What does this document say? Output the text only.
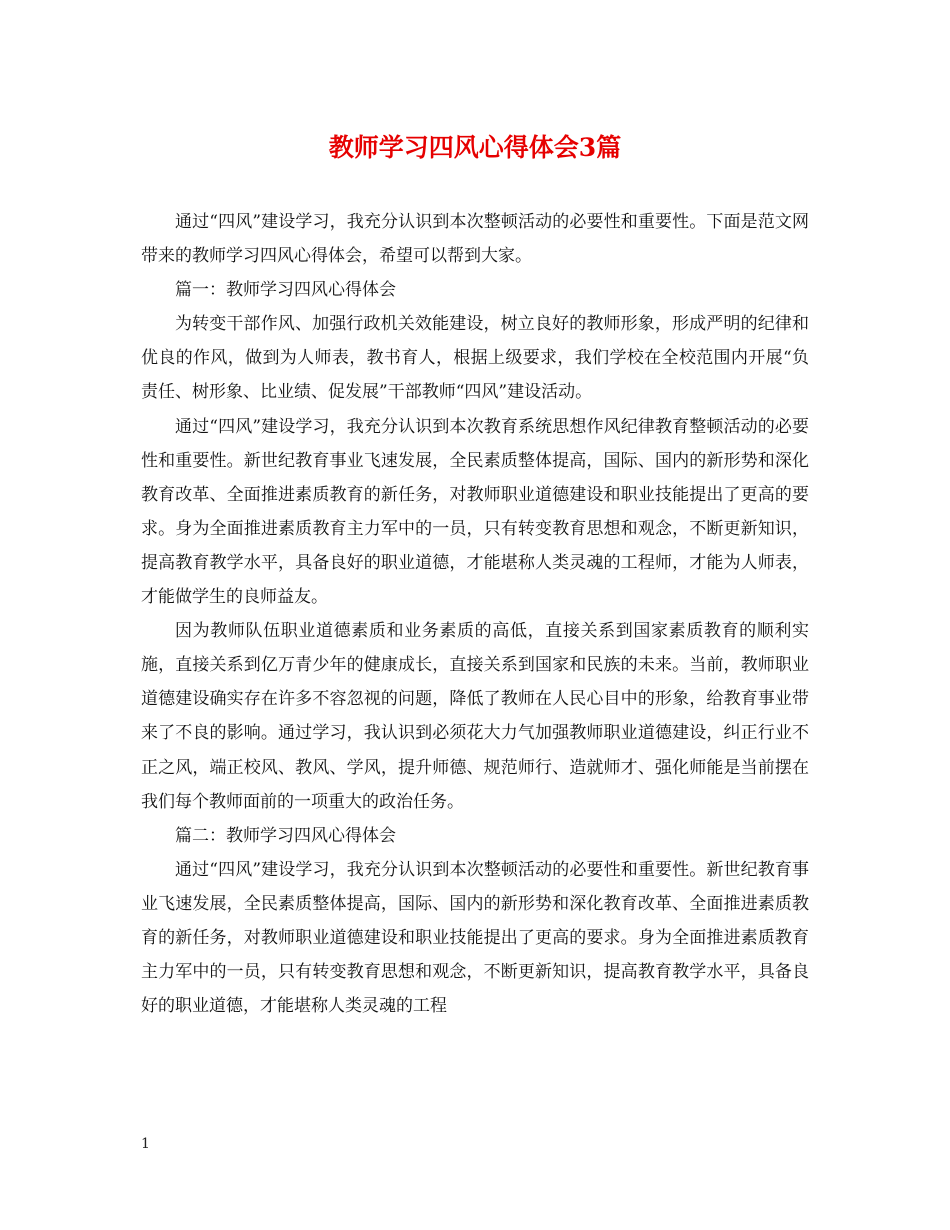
教师学习四风心得体会3篇

通过“四风”建设学习，我充分认识到本次整顿活动的必要性和重要性。下面是范文网带来的教师学习四风心得体会，希望可以帮到大家。

篇一：教师学习四风心得体会

为转变干部作风、加强行政机关效能建设，树立良好的教师形象，形成严明的纪律和优良的作风，做到为人师表，教书育人，根据上级要求，我们学校在全校范围内开展“负责任、树形象、比业绩、促发展”干部教师“四风”建设活动。

通过“四风”建设学习，我充分认识到本次教育系统思想作风纪律教育整顿活动的必要性和重要性。新世纪教育事业飞速发展，全民素质整体提高，国际、国内的新形势和深化教育改革、全面推进素质教育的新任务，对教师职业道德建设和职业技能提出了更高的要求。身为全面推进素质教育主力军中的一员，只有转变教育思想和观念，不断更新知识，提高教育教学水平，具备良好的职业道德，才能堪称人类灵魂的工程师，才能为人师表，才能做学生的良师益友。

因为教师队伍职业道德素质和业务素质的高低，直接关系到国家素质教育的顺利实施，直接关系到亿万青少年的健康成长，直接关系到国家和民族的未来。当前，教师职业道德建设确实存在许多不容忽视的问题，降低了教师在人民心目中的形象，给教育事业带来了不良的影响。通过学习，我认识到必须花大力气加强教师职业道德建设，纠正行业不正之风，端正校风、教风、学风，提升师德、规范师行、造就师才、强化师能是当前摆在我们每个教师面前的一项重大的政治任务。

篇二：教师学习四风心得体会

通过“四风”建设学习，我充分认识到本次整顿活动的必要性和重要性。新世纪教育事业飞速发展，全民素质整体提高，国际、国内的新形势和深化教育改革、全面推进素质教育的新任务，对教师职业道德建设和职业技能提出了更高的要求。身为全面推进素质教育主力军中的一员，只有转变教育思想和观念，不断更新知识，提高教育教学水平，具备良好的职业道德，才能堪称人类灵魂的工程

1
